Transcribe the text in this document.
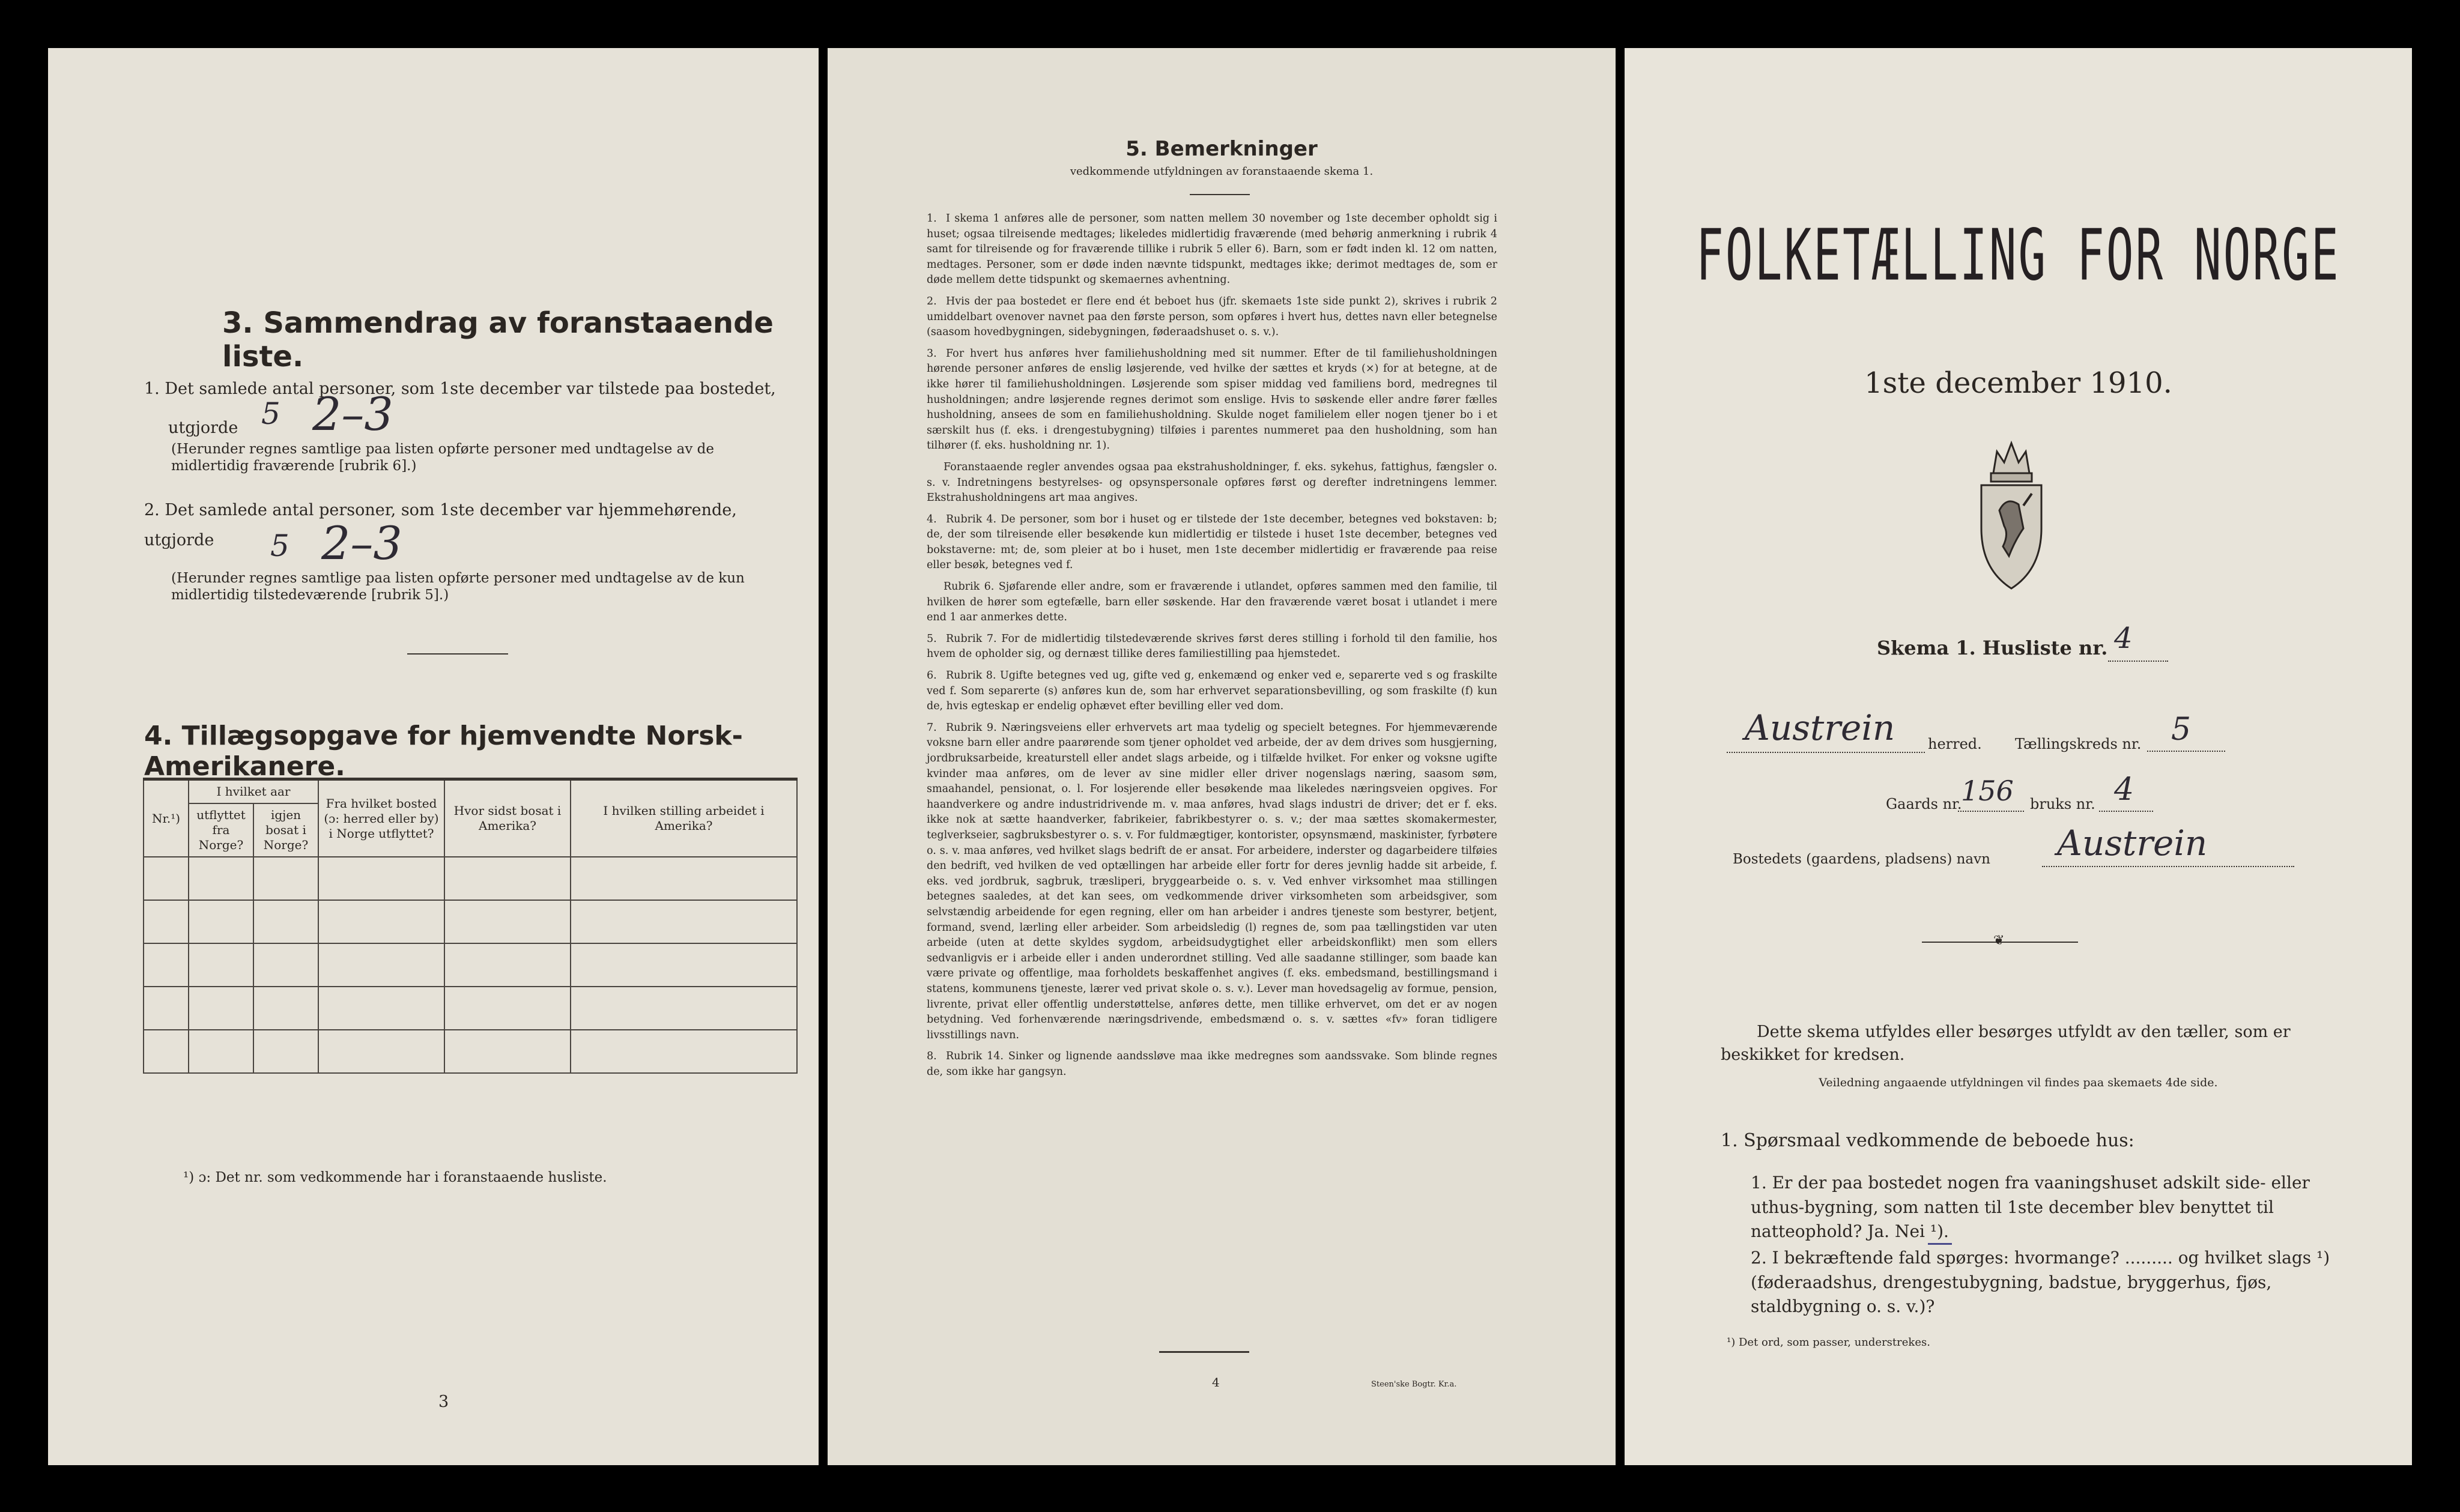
3. Sammendrag av foranstaaende liste.
1. Det samlede antal personer, som 1ste december var tilstede paa bostedet,
utgjorde 5 2–3
(Herunder regnes samtlige paa listen opførte personer med undtagelse av de midlertidig fraværende [rubrik 6].)
2. Det samlede antal personer, som 1ste december var hjemmehørende, utgjorde	5 2–3
(Herunder regnes samtlige paa listen opførte personer med undtagelse av de kun midlertidig tilstedeværende [rubrik 5].)
4. Tillægsopgave for hjemvendte Norsk-Amerikanere.
Nr.¹)	I hvilket aar		Fra hvilket bosted (ɔ: herred eller by) i Norge utflyttet?	Hvor sidst bosat i Amerika?	I hvilken stilling arbeidet i Amerika?
	utflyttet fra Norge?	igjen bosat i Norge?			

¹) ɔ: Det nr. som vedkommende har i foranstaaende husliste.
3
5. Bemerkninger
vedkommende utfyldningen av foranstaaende skema 1.

1. I skema 1 anføres alle de personer, som natten mellem 30 november og 1ste december opholdt sig i huset; ogsaa tilreisende medtages; likeledes midlertidig fraværende (med behørig anmerkning i rubrik 4 samt for tilreisende og for fraværende tillike i rubrik 5 eller 6). Barn, som er født inden kl. 12 om natten, medtages. Personer, som er døde inden nævnte tidspunkt, medtages ikke; derimot medtages de, som er døde mellem dette tidspunkt og skemaernes avhentning.

2. Hvis der paa bostedet er flere end ét beboet hus (jfr. skemaets 1ste side punkt 2), skrives i rubrik 2 umiddelbart ovenover navnet paa den første person, som opføres i hvert hus, dettes navn eller betegnelse (saasom hovedbygningen, sidebygningen, føderaadshuset o. s. v.).

3. For hvert hus anføres hver familiehusholdning med sit nummer. Efter de til familiehusholdningen hørende personer anføres de enslig løsjerende, ved hvilke der sættes et kryds (×) for at betegne, at de ikke hører til familiehusholdningen. Løsjerende som spiser middag ved familiens bord, medregnes til husholdningen; andre løsjerende regnes derimot som enslige. Hvis to søskende eller andre fører fælles husholdning, ansees de som en familiehusholdning. Skulde noget familielem eller nogen tjener bo i et særskilt hus (f. eks. i drengestubygning) tilføies i parentes nummeret paa den husholdning, som han tilhører (f. eks. husholdning nr. 1).

Foranstaaende regler anvendes ogsaa paa ekstrahusholdninger, f. eks. sykehus, fattighus, fængsler o. s. v. Indretningens bestyrelses- og opsynspersonale opføres først og derefter indretningens lemmer. Ekstrahusholdningens art maa angives.

4. Rubrik 4. De personer, som bor i huset og er tilstede der 1ste december, betegnes ved bokstaven: b; de, der som tilreisende eller besøkende kun midlertidig er tilstede i huset 1ste december, betegnes ved bokstaverne: mt; de, som pleier at bo i huset, men 1ste december midlertidig er fraværende paa reise eller besøk, betegnes ved f.

Rubrik 6. Sjøfarende eller andre, som er fraværende i utlandet, opføres sammen med den familie, til hvilken de hører som egtefælle, barn eller søskende. Har den fraværende været bosat i utlandet i mere end 1 aar anmerkes dette.

5. Rubrik 7. For de midlertidig tilstedeværende skrives først deres stilling i forhold til den familie, hos hvem de opholder sig, og dernæst tillike deres familiestilling paa hjemstedet.

6. Rubrik 8. Ugifte betegnes ved ug, gifte ved g, enkemænd og enker ved e, separerte ved s og fraskilte ved f. Som separerte (s) anføres kun de, som har erhvervet separationsbevilling, og som fraskilte (f) kun de, hvis egteskap er endelig ophævet efter bevilling eller ved dom.

7. Rubrik 9. Næringsveiens eller erhvervets art maa tydelig og specielt betegnes. For hjemmeværende voksne barn eller andre paarørende som tjener opholdet ved arbeide, der av dem drives som husgjerning, jordbruksarbeide, kreaturstell eller andet slags arbeide, og i tilfælde hvilket. For enker og voksne ugifte kvinder maa anføres, om de lever av sine midler eller driver nogenslags næring, saasom søm, smaahandel, pensionat, o. l. For losjerende eller besøkende maa likeledes næringsveien opgives. For haandverkere og andre industridrivende m. v. maa anføres, hvad slags industri de driver; det er f. eks. ikke nok at sætte haandverker, fabrikeier, fabrikbestyrer o. s. v.; der maa sættes skomakermester, teglverkseier, sagbruksbestyrer o. s. v. For fuldmægtiger, kontorister, opsynsmænd, maskinister, fyrbøtere o. s. v. maa anføres, ved hvilket slags bedrift de er ansat. For arbeidere, inderster og dagarbeidere tilføies den bedrift, ved hvilken de ved optællingen har arbeide eller fortr for deres jevnlig hadde sit arbeide, f. eks. ved jordbruk, sagbruk, træsliperi, bryggearbeide o. s. v. Ved enhver virksomhet maa stillingen betegnes saaledes, at det kan sees, om vedkommende driver virksomheten som arbeidsgiver, som selvstændig arbeidende for egen regning, eller om han arbeider i andres tjeneste som bestyrer, betjent, formand, svend, lærling eller arbeider. Som arbeidsledig (l) regnes de, som paa tællingstiden var uten arbeide (uten at dette skyldes sygdom, arbeidsudygtighet eller arbeidskonflikt) men som ellers sedvanligvis er i arbeide eller i anden underordnet stilling. Ved alle saadanne stillinger, som baade kan være private og offentlige, maa forholdets beskaffenhet angives (f. eks. embedsmand, bestillingsmand i statens, kommunens tjeneste, lærer ved privat skole o. s. v.). Lever man hovedsagelig av formue, pension, livrente, privat eller offentlig understøttelse, anføres dette, men tillike erhvervet, om det er av nogen betydning. Ved forhenværende næringsdrivende, embedsmænd o. s. v. sættes «fv» foran tidligere livsstillings navn.

8. Rubrik 14. Sinker og lignende aandssløve maa ikke medregnes som aandssvake. Som blinde regnes de, som ikke har gangsyn.

4	Steen'ske Bogtr. Kr.a.
FOLKETÆLLING FOR NORGE
1ste december 1910.
Skema 1. Husliste nr. 4
Austrein herred. Tællingskreds nr. 5
Gaards nr.
156 bruks nr. 4
Bostedets (gaardens, pladsens) navn Austrein
❦
Dette skema utfyldes eller besørges utfyldt av den tæller, som er beskikket for kredsen.
Veiledning angaaende utfyldningen vil findes paa skemaets 4de side.
1. Spørsmaal vedkommende de beboede hus:
1. Er der paa bostedet nogen fra vaaningshuset adskilt side- eller uthus-bygning, som natten til 1ste december blev benyttet til natteophold? Ja. Nei ¹).
2. I bekræftende fald spørges: hvormange? ......... og hvilket slags ¹) (føderaadshus, drengestubygning, badstue, bryggerhus, fjøs, staldbygning o. s. v.)?
¹) Det ord, som passer, understrekes.
